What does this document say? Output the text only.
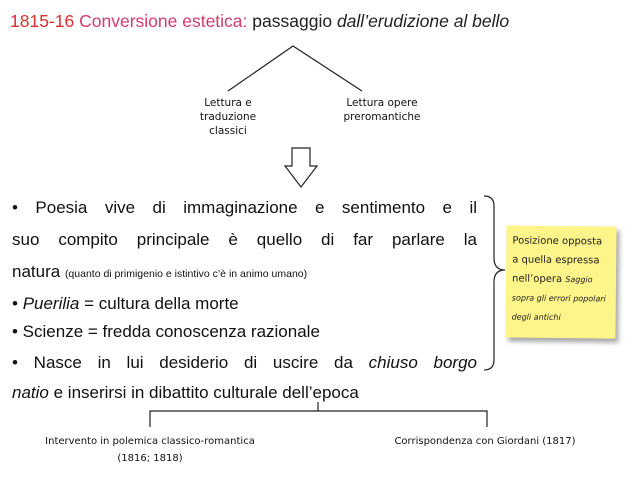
1815-16 Conversione estetica: passaggio dall’erudizione al bello
Lettura e
traduzione
classici
Lettura opere
preromantiche
• Poesia vive di immaginazione e sentimento e il
suo compito principale è quello di far parlare la
natura (quanto di primigenio e istintivo c’è in animo umano)
• Puerilia = cultura della morte
• Scienze = fredda conoscenza razionale
• Nasce in lui desiderio di uscire da chiuso borgo
natio e inserirsi in dibattito culturale dell’epoca
Posizione opposta
a quella espressa
nell’opera Saggio
sopra gli errori popolari
degli antichi
Intervento in polemica classico-romantica
(1816; 1818)
Corrispondenza con Giordani (1817)
